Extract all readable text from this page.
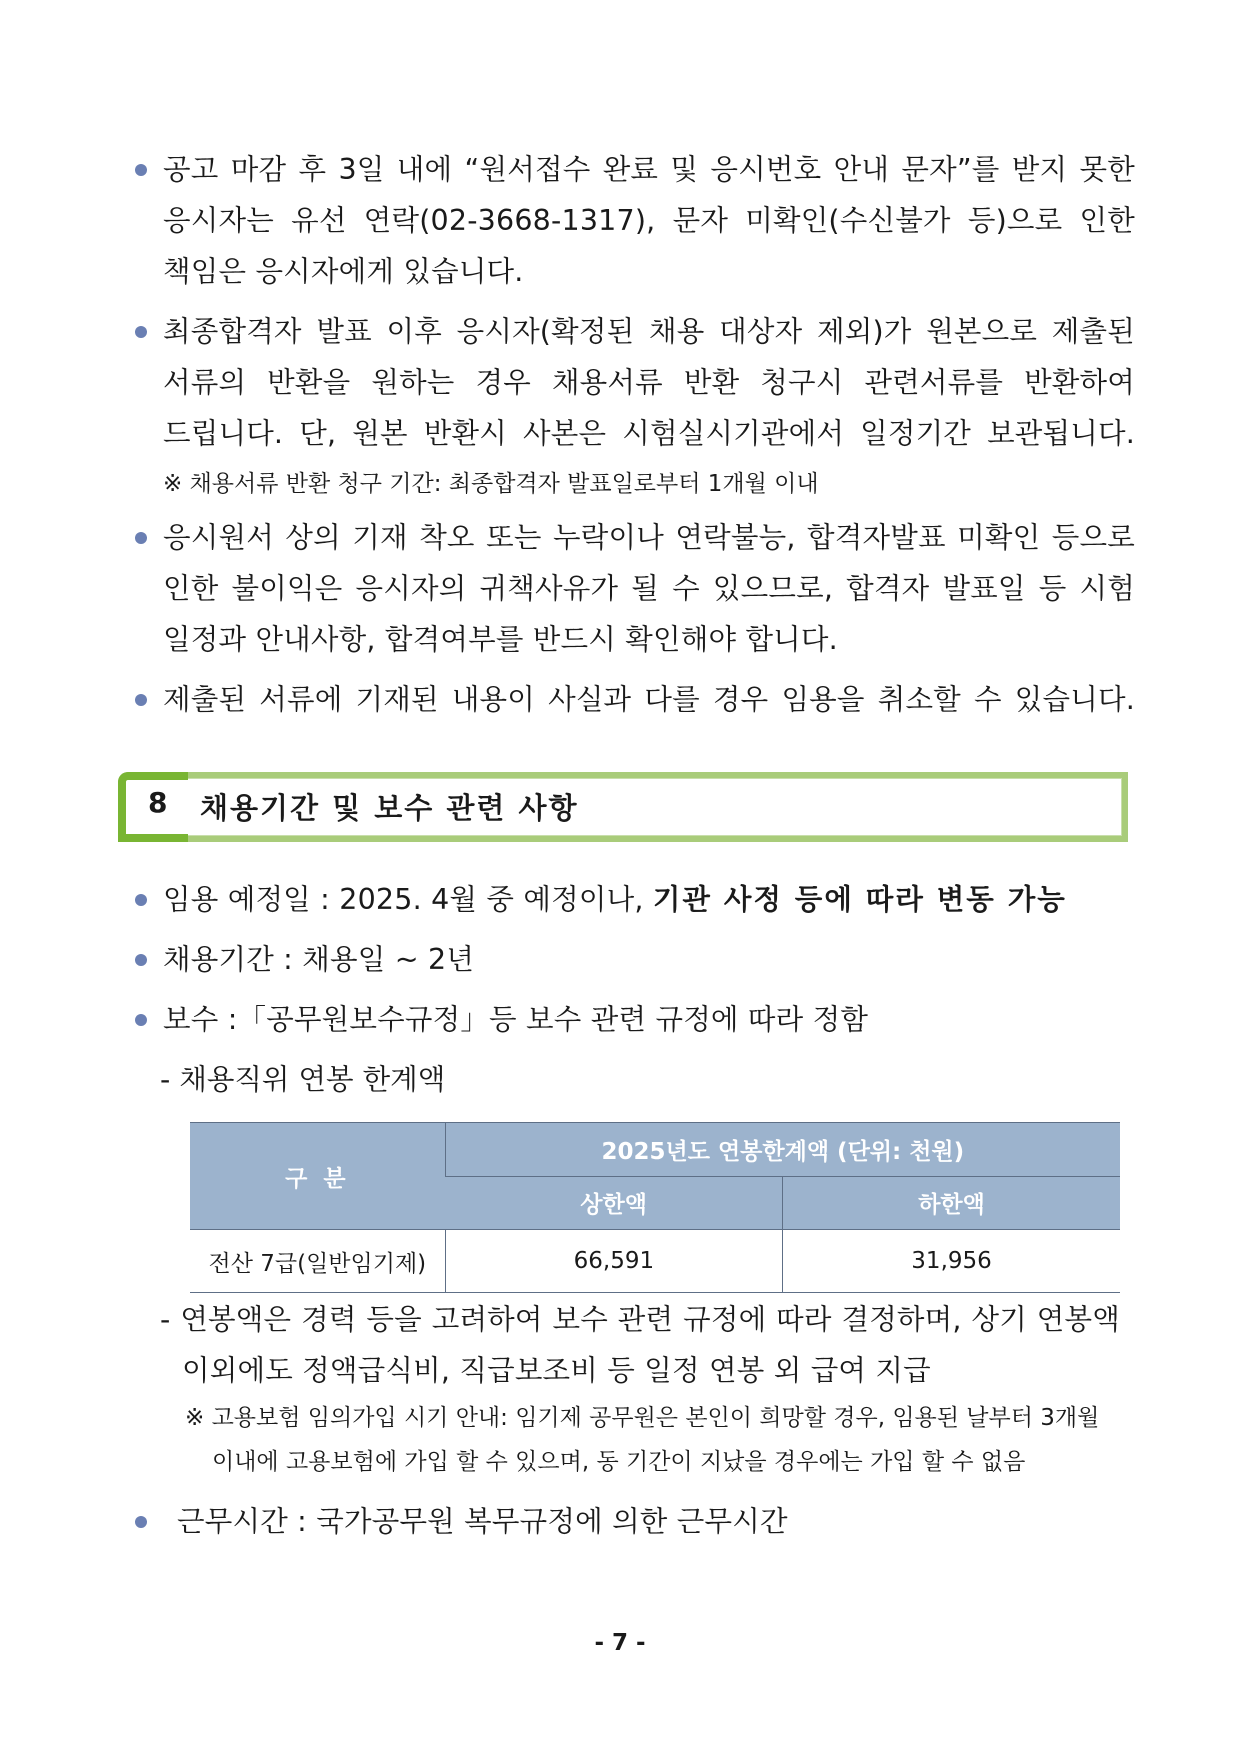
공고 마감 후 3일 내에 “원서접수 완료 및 응시번호 안내 문자”를 받지 못한
응시자는 유선 연락(02-3668-1317), 문자 미확인(수신불가 등)으로 인한
책임은 응시자에게 있습니다.
최종합격자 발표 이후 응시자(확정된 채용 대상자 제외)가 원본으로 제출된
서류의 반환을 원하는 경우 채용서류 반환 청구시 관련서류를 반환하여
드립니다. 단, 원본 반환시 사본은 시험실시기관에서 일정기간 보관됩니다.
※ 채용서류 반환 청구 기간: 최종합격자 발표일로부터 1개월 이내
응시원서 상의 기재 착오 또는 누락이나 연락불능, 합격자발표 미확인 등으로
인한 불이익은 응시자의 귀책사유가 될 수 있으므로, 합격자 발표일 등 시험
일정과 안내사항, 합격여부를 반드시 확인해야 합니다.
제출된 서류에 기재된 내용이 사실과 다를 경우 임용을 취소할 수 있습니다.
8 채용기간 및 보수 관련 사항
임용 예정일 : 2025. 4월 중 예정이나, 기관 사정 등에 따라 변동 가능
채용기간 : 채용일 ~ 2년
보수 :「공무원보수규정」등 보수 관련 규정에 따라 정함
- 채용직위 연봉 한계액
구 분	2025년도 연봉한계액 (단위: 천원)	
	상한액	하한액
전산 7급(일반임기제)	66,591	31,956
- 연봉액은 경력 등을 고려하여 보수 관련 규정에 따라 결정하며, 상기 연봉액
이외에도 정액급식비, 직급보조비 등 일정 연봉 외 급여 지급
※ 고용보험 임의가입 시기 안내: 임기제 공무원은 본인이 희망할 경우, 임용된 날부터 3개월
이내에 고용보험에 가입 할 수 있으며, 동 기간이 지났을 경우에는 가입 할 수 없음
근무시간 : 국가공무원 복무규정에 의한 근무시간
- 7 -
